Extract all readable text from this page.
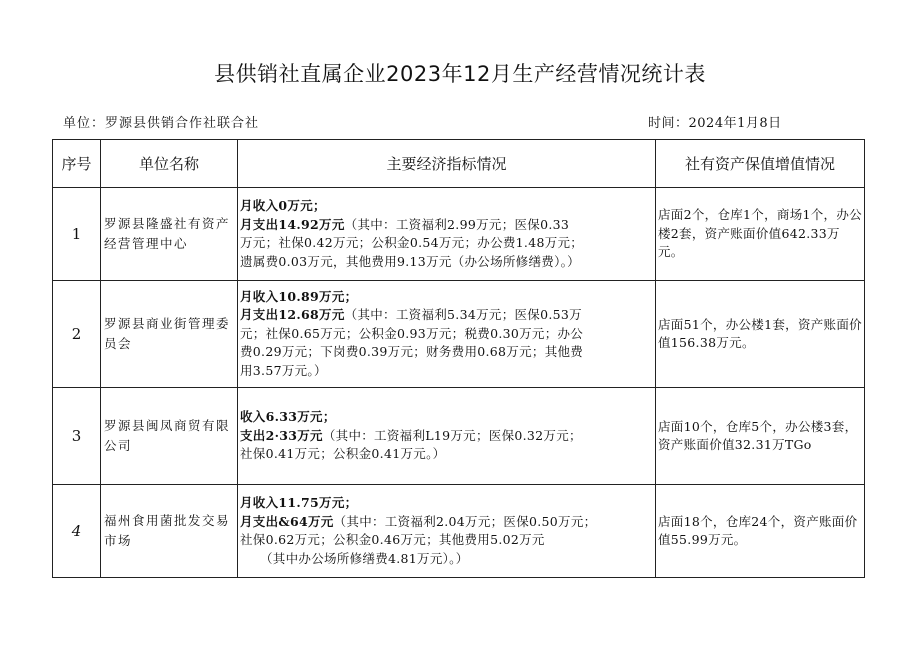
县供销社直属企业2023年12月生产经营情况统计表
单位：罗源县供销合作社联合社	时间：2024年1月8日
序号	单位名称	主要经济指标情况	社有资产保值增值情况
1	罗源县隆盛社有资产经营管理中心	月收入0万元；
月支出14.92万元（其中：工资福利2.99万元；医保0.33
万元；社保0.42万元；公积金0.54万元；办公费1.48万元；
遗属费0.03万元，其他费用9.13万元（办公场所修缮费）。）	店面2个，仓库1个，商场1个，办公楼2套，资产账面价值642.33万元。
2	罗源县商业街管理委员会	月收入10.89万元；
月支出12.68万元（其中：工资福利5.34万元；医保0.53万
元；社保0.65万元；公积金0.93万元；税费0.30万元；办公
费0.29万元；下岗费0.39万元；财务费用0.68万元；其他费
用3.57万元。）	店面51个，办公楼1套，资产账面价值156.38万元。
3	罗源县闽凤商贸有限公司	收入6.33万元；
支出2·33万元（其中：工资福利L19万元；医保0.32万元；
社保0.41万元；公积金0.41万元。）	店面10个，仓库5个，办公楼3套，资产账面价值32.31万TGo
4	福州食用菌批发交易市场	月收入11.75万元；
月支出&64万元（其中：工资福利2.04万元；医保0.50万元；
社保0.62万元；公积金0.46万元；其他费用5.02万元
（其中办公场所修缮费4.81万元）。）	店面18个，仓库24个，资产账面价值55.99万元。
